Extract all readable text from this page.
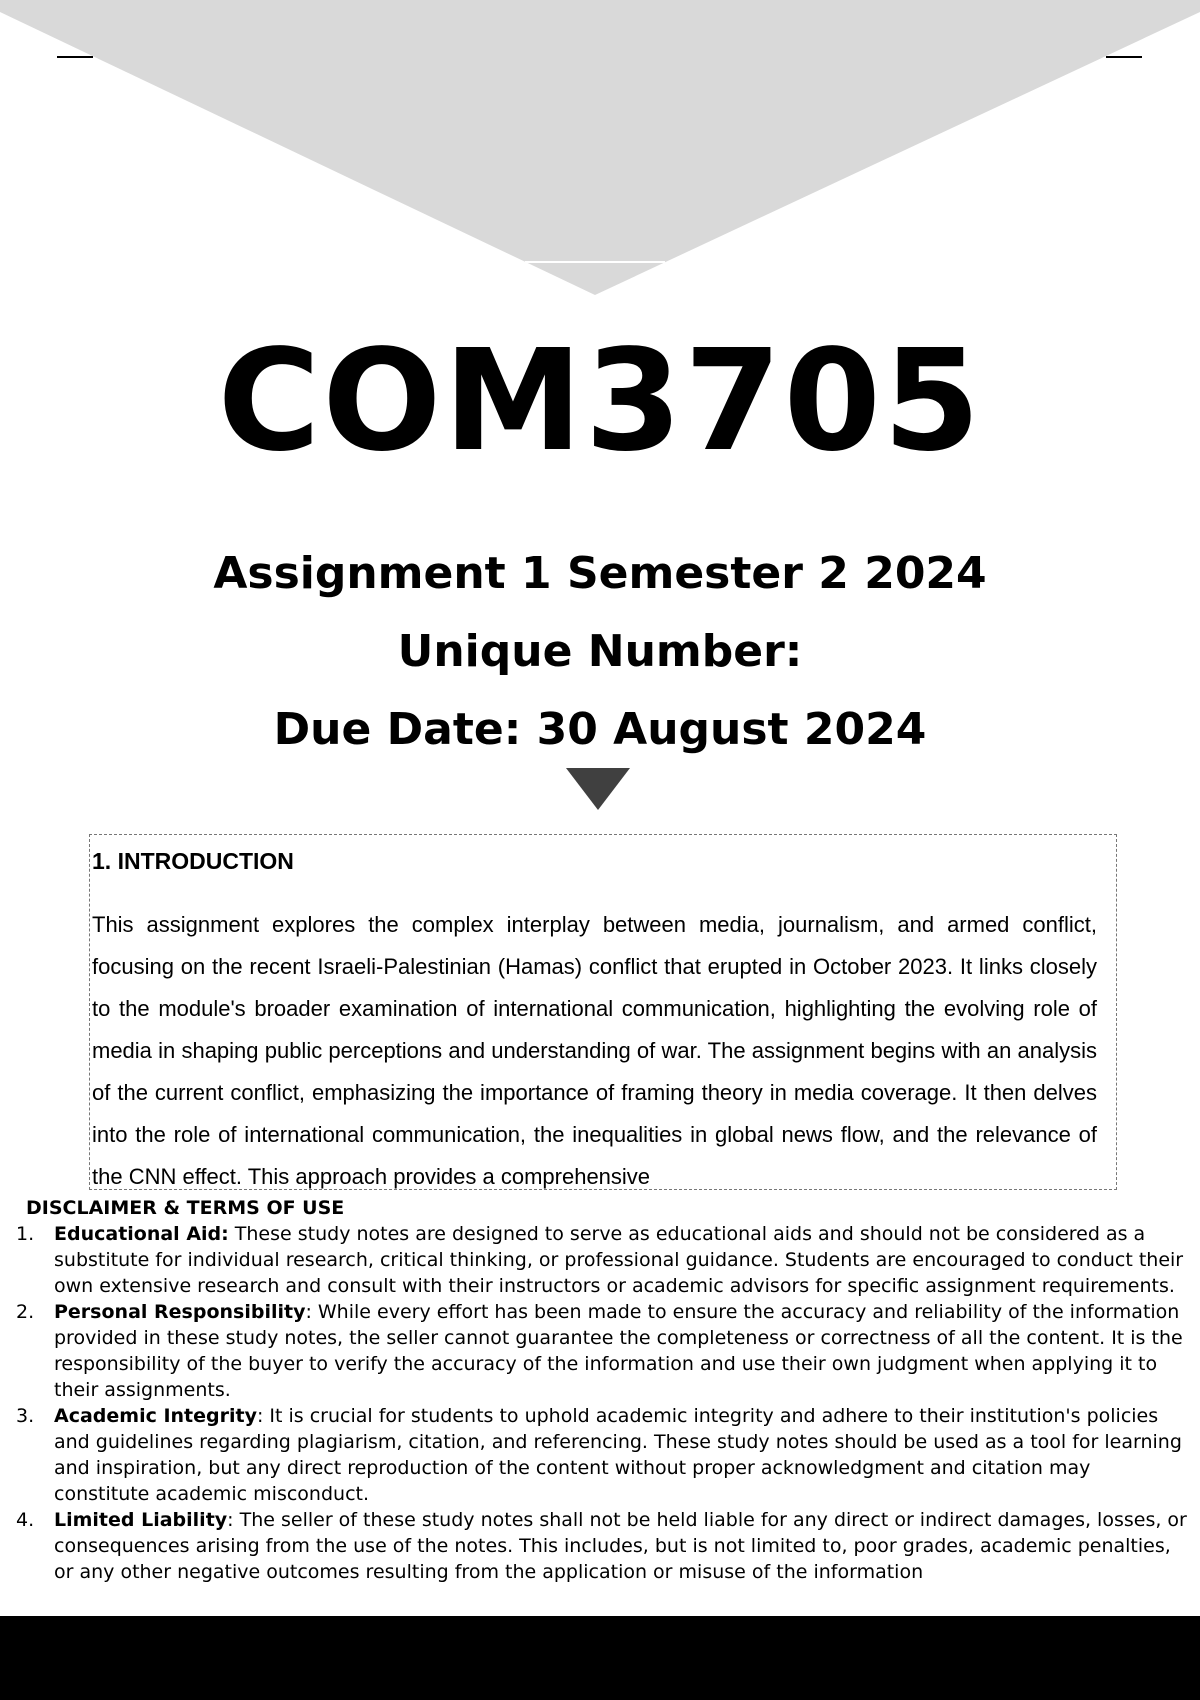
COM3705
Assignment 1 Semester 2 2024
Unique Number:
Due Date: 30 August 2024
1. INTRODUCTION

This assignment explores the complex interplay between media, journalism, and armed conflict, focusing on the recent Israeli-Palestinian (Hamas) conflict that erupted in October 2023. It links closely to the module's broader examination of international communication, highlighting the evolving role of media in shaping public perceptions and understanding of war. The assignment begins with an analysis of the current conflict, emphasizing the importance of framing theory in media coverage. It then delves into the role of international communication, the inequalities in global news flow, and the relevance of the CNN effect. This approach provides a comprehensive

DISCLAIMER & TERMS OF USE
1. Educational Aid: These study notes are designed to serve as educational aids and should not be considered as a substitute for individual research, critical thinking, or professional guidance. Students are encouraged to conduct their own extensive research and consult with their instructors or academic advisors for specific assignment requirements.
2. Personal Responsibility: While every effort has been made to ensure the accuracy and reliability of the information provided in these study notes, the seller cannot guarantee the completeness or correctness of all the content. It is the responsibility of the buyer to verify the accuracy of the information and use their own judgment when applying it to their assignments.
3. Academic Integrity: It is crucial for students to uphold academic integrity and adhere to their institution's policies and guidelines regarding plagiarism, citation, and referencing. These study notes should be used as a tool for learning and inspiration, but any direct reproduction of the content without proper acknowledgment and citation may constitute academic misconduct.
4. Limited Liability: The seller of these study notes shall not be held liable for any direct or indirect damages, losses, or consequences arising from the use of the notes. This includes, but is not limited to, poor grades, academic penalties, or any other negative outcomes resulting from the application or misuse of the information
